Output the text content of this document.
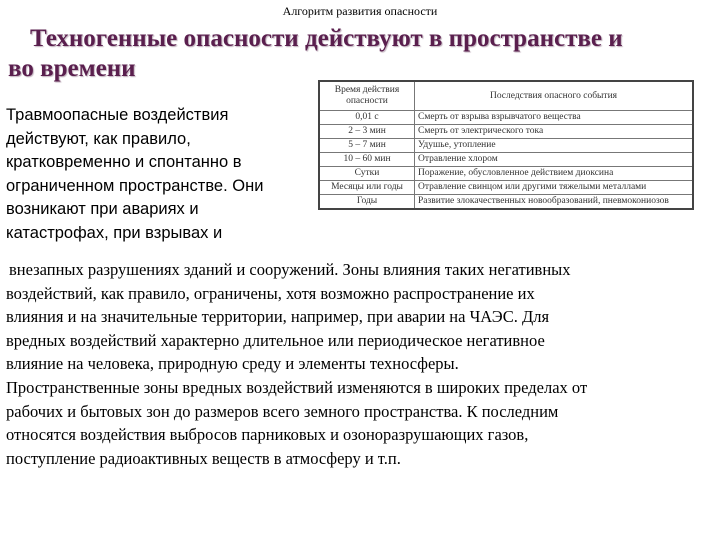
Алгоритм развития опасности
Техногенные опасности действуют в пространстве и
во времени
Травмоопасные воздействия
действуют, как правило,
кратковременно и спонтанно в
ограниченном пространстве. Они
возникают при авариях и
катастрофах, при взрывах и
Время действия опасности	Последствия опасного события
0,01 с	Смерть от взрыва взрывчатого вещества
2 – 3 мин	Смерть от электрического тока
5 – 7 мин	Удушье, утопление
10 – 60 мин	Отравление хлором
Сутки	Поражение, обусловленное действием диоксина
Месяцы или годы	Отравление свинцом или другими тяжелыми металлами
Годы	Развитие злокачественных новообразований, пневмокониозов
внезапных разрушениях зданий и сооружений. Зоны влияния таких негативных
воздействий, как правило, ограничены, хотя возможно распространение их
влияния и на значительные территории, например, при аварии на ЧАЭС. Для
вредных воздействий характерно длительное или периодическое негативное
влияние на человека, природную среду и элементы техносферы.
Пространственные зоны вредных воздействий изменяются в широких пределах от
рабочих и бытовых зон до размеров всего земного пространства. К последним
относятся воздействия выбросов парниковых и озоноразрушающих газов,
поступление радиоактивных веществ в атмосферу и т.п.
